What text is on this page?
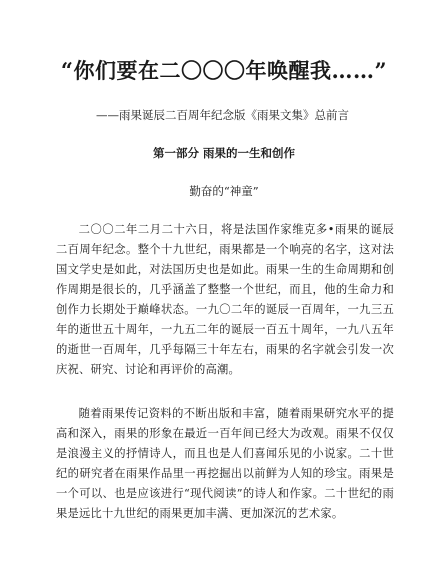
“你们要在二〇〇〇年唤醒我……”
——雨果诞辰二百周年纪念版《雨果文集》总前言
第一部分 雨果的一生和创作
勤奋的“神童”

二〇〇二年二月二十六日，将是法国作家维克多•雨果的诞辰二百周年纪念。整个十九世纪，雨果都是一个响亮的名字，这对法国文学史是如此，对法国历史也是如此。雨果一生的生命周期和创作周期是很长的，几乎涵盖了整整一个世纪，而且，他的生命力和创作力长期处于巅峰状态。一九〇二年的诞辰一百周年，一九三五年的逝世五十周年，一九五二年的诞辰一百五十周年，一九八五年的逝世一百周年，几乎每隔三十年左右，雨果的名字就会引发一次庆祝、研究、讨论和再评价的高潮。

随着雨果传记资料的不断出版和丰富，随着雨果研究水平的提高和深入，雨果的形象在最近一百年间已经大为改观。雨果不仅仅是浪漫主义的抒情诗人，而且也是人们喜闻乐见的小说家。二十世纪的研究者在雨果作品里一再挖掘出以前鲜为人知的珍宝。雨果是一个可以、也是应该进行“现代阅读”的诗人和作家。二十世纪的雨果是远比十九世纪的雨果更加丰满、更加深沉的艺术家。
